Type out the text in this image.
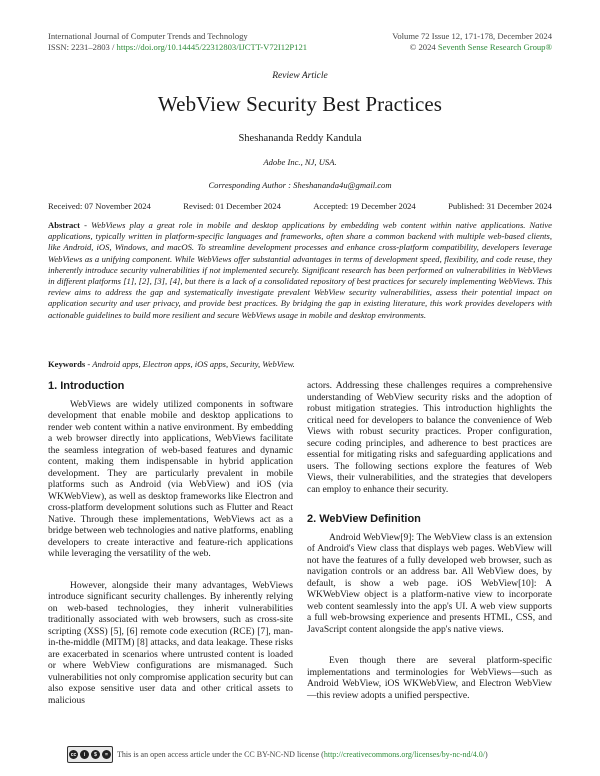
International Journal of Computer Trends and Technology
ISSN: 2231–2803 / https://doi.org/10.14445/22312803/IJCTT-V72I12P121
Volume 72 Issue 12, 171-178, December 2024
© 2024 Seventh Sense Research Group®
Review Article
WebView Security Best Practices
Sheshananda Reddy Kandula
Adobe Inc., NJ, USA.
Corresponding Author : Sheshananda4u@gmail.com
Received: 07 November 2024	Revised: 01 December 2024	Accepted: 19 December 2024	Published: 31 December 2024
Abstract - WebViews play a great role in mobile and desktop applications by embedding web content within native applications. Native applications, typically written in platform-specific languages and frameworks, often share a common backend with multiple web-based clients, like Android, iOS, Windows, and macOS. To streamline development processes and enhance cross-platform compatibility, developers leverage WebViews as a unifying component. While WebViews offer substantial advantages in terms of development speed, flexibility, and code reuse, they inherently introduce security vulnerabilities if not implemented securely. Significant research has been performed on vulnerabilities in WebViews in different platforms [1], [2], [3], [4], but there is a lack of a consolidated repository of best practices for securely implementing WebViews. This review aims to address the gap and systematically investigate prevalent WebView security vulnerabilities, assess their potential impact on application security and user privacy, and provide best practices. By bridging the gap in existing literature, this work provides developers with actionable guidelines to build more resilient and secure WebViews usage in mobile and desktop environments.
Keywords - Android apps, Electron apps, iOS apps, Security, WebView.
1. Introduction

WebViews are widely utilized components in software development that enable mobile and desktop applications to render web content within a native environment. By embedding a web browser directly into applications, WebViews facilitate the seamless integration of web-based features and dynamic content, making them indispensable in hybrid application development. They are particularly prevalent in mobile platforms such as Android (via WebView) and iOS (via WKWebView), as well as desktop frameworks like Electron and cross-platform development solutions such as Flutter and React Native. Through these implementations, WebViews act as a bridge between web technologies and native platforms, enabling developers to create interactive and feature-rich applications while leveraging the versatility of the web.

However, alongside their many advantages, WebViews introduce significant security challenges. By inherently relying on web-based technologies, they inherit vulnerabilities traditionally associated with web browsers, such as cross-site scripting (XSS) [5], [6] remote code execution (RCE) [7], man-in-the-middle (MITM) [8] attacks, and data leakage. These risks are exacerbated in scenarios where untrusted content is loaded or where WebView configurations are mismanaged. Such vulnerabilities not only compromise application security but can also expose sensitive user data and other critical assets to malicious

actors. Addressing these challenges requires a comprehensive understanding of WebView security risks and the adoption of robust mitigation strategies. This introduction highlights the critical need for developers to balance the convenience of Web Views with robust security practices. Proper configuration, secure coding principles, and adherence to best practices are essential for mitigating risks and safeguarding applications and users. The following sections explore the features of Web Views, their vulnerabilities, and the strategies that developers can employ to enhance their security.

2. WebView Definition

Android WebView[9]: The WebView class is an extension of Android's View class that displays web pages. WebView will not have the features of a fully developed web browser, such as navigation controls or an address bar. All WebView does, by default, is show a web page. iOS WebView[10]: A WKWebView object is a platform-native view to incorporate web content seamlessly into the app's UI. A web view supports a full web-browsing experience and presents HTML, CSS, and JavaScript content alongside the app's native views.

Even though there are several platform-specific implementations and terminologies for WebViews—such as Android WebView, iOS WKWebView, and Electron WebView—this review adopts a unified perspective.

cc	i	$	=	This is an open access article under the CC BY-NC-ND license ( http://creativecommons.org/licenses/by-nc-nd/4.0/ )
